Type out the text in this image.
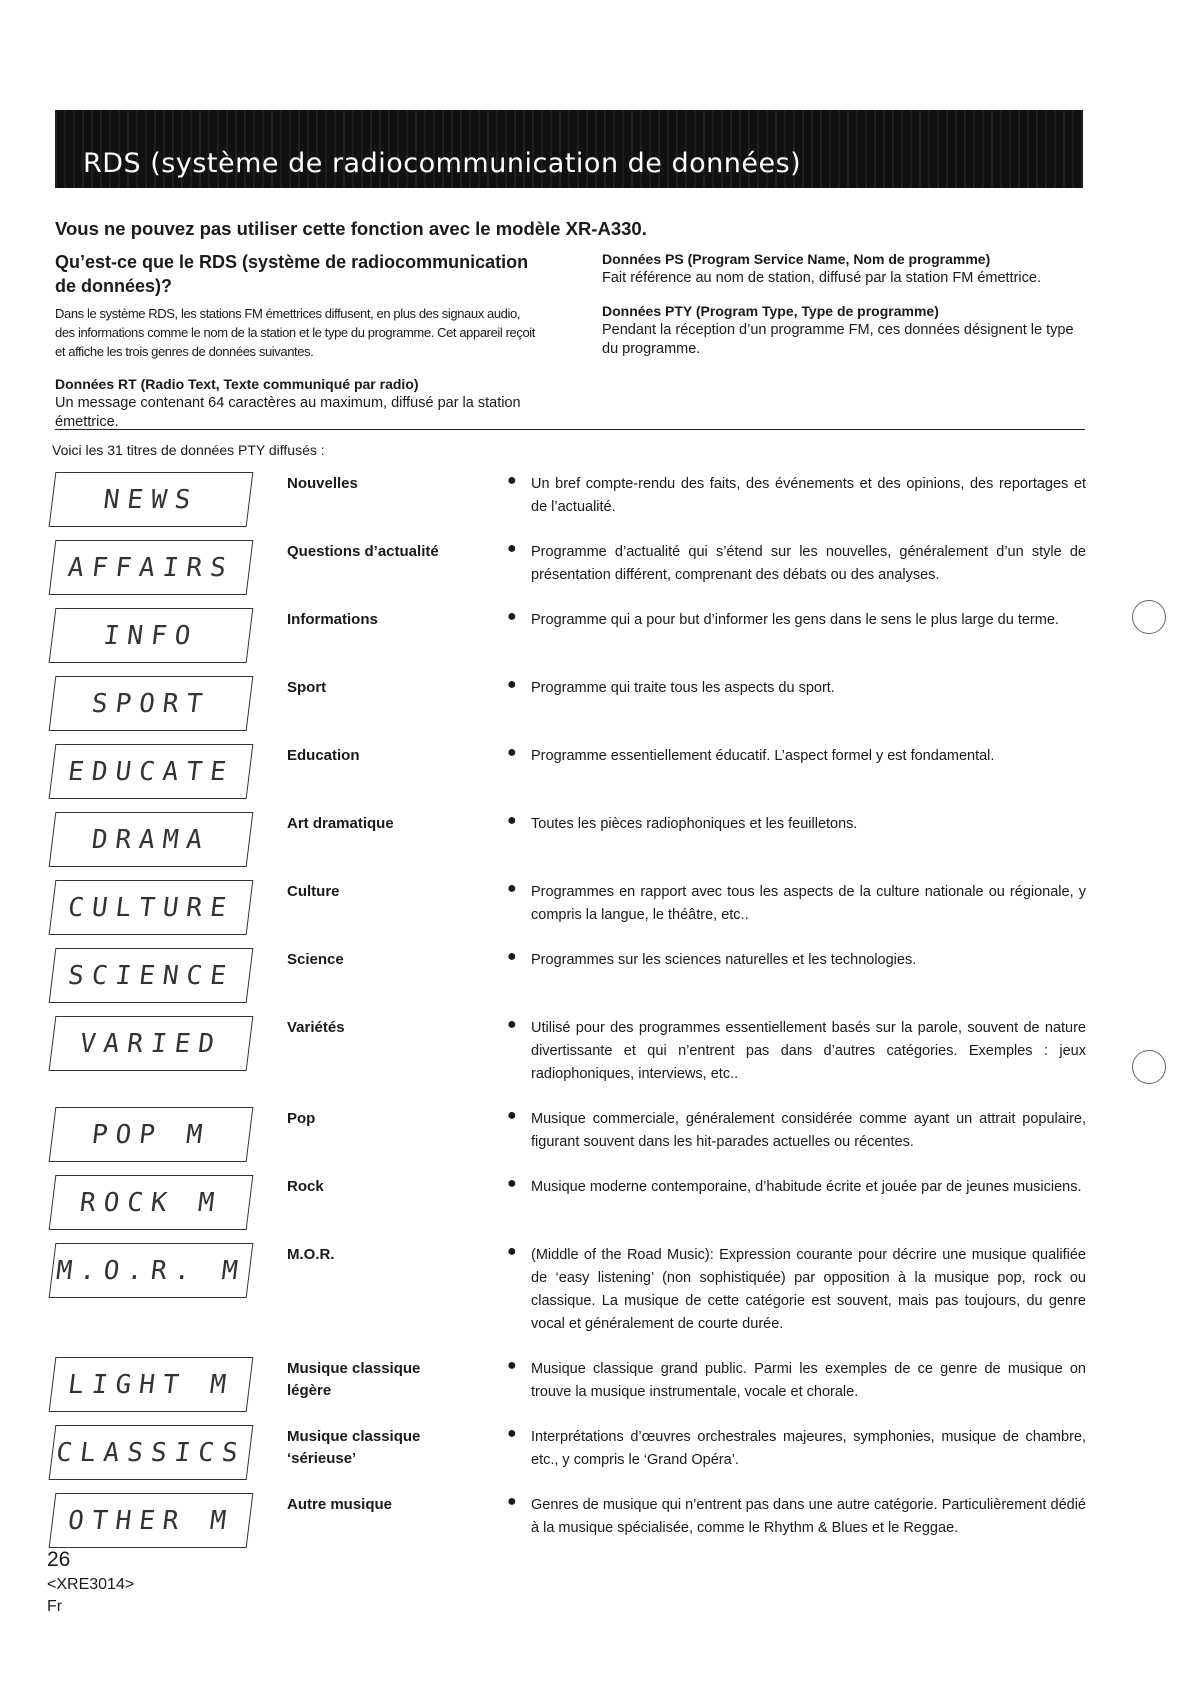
RDS (système de radiocommunication de données)
Vous ne pouvez pas utiliser cette fonction avec le modèle XR-A330.
Qu’est-ce que le RDS (système de radiocommunication de données)?
Dans le système RDS, les stations FM émettrices diffusent, en plus des signaux audio, des informations comme le nom de la station et le type du programme. Cet appareil reçoit et affiche les trois genres de données suivantes.
Données RT (Radio Text, Texte communiqué par radio)
Un message contenant 64 caractères au maximum, diffusé par la station émettrice.
Données PS (Program Service Name, Nom de programme)
Fait référence au nom de station, diffusé par la station FM émettrice.
Données PTY (Program Type, Type de programme)
Pendant la réception d’un programme FM, ces données désignent le type du programme.
Voici les 31 titres de données PTY diffusés :
NEWS
Nouvelles	● Un bref compte-rendu des faits, des événements et des opinions, des reportages et de l’actualité.
AFFAIRS
Questions d’actualité	● Programme d’actualité qui s’étend sur les nouvelles, généralement d’un style de présentation différent, comprenant des débats ou des analyses.
INFO
Informations	● Programme qui a pour but d’informer les gens dans le sens le plus large du terme.
SPORT
Sport	● Programme qui traite tous les aspects du sport.
EDUCATE
Education	● Programme essentiellement éducatif. L’aspect formel y est fondamental.
DRAMA
Art dramatique	● Toutes les pièces radiophoniques et les feuilletons.
CULTURE
Culture	● Programmes en rapport avec tous les aspects de la culture nationale ou régionale, y compris la langue, le théâtre, etc..
SCIENCE
Science	● Programmes sur les sciences naturelles et les technologies.
VARIED
Variétés	● Utilisé pour des programmes essentiellement basés sur la parole, souvent de nature divertissante et qui n’entrent pas dans d’autres catégories. Exemples : jeux radiophoniques, interviews, etc..
POP M
Pop	● Musique commerciale, généralement considérée comme ayant un attrait populaire, figurant souvent dans les hit-parades actuelles ou récentes.
ROCK M
Rock	● Musique moderne contemporaine, d’habitude écrite et jouée par de jeunes musiciens.
M.O.R. M
M.O.R.	● (Middle of the Road Music): Expression courante pour décrire une musique qualifiée de ‘easy listening’ (non sophistiquée) par opposition à la musique pop, rock ou classique. La musique de cette catégorie est souvent, mais pas toujours, du genre vocal et généralement de courte durée.
LIGHT M
Musique classique légère
● Musique classique grand public. Parmi les exemples de ce genre de musique on trouve la musique instrumentale, vocale et chorale.
CLASSICS
Musique classique ‘sérieuse’
● Interprétations d’œuvres orchestrales majeures, symphonies, musique de chambre, etc., y compris le ‘Grand Opéra’.
OTHER M
Autre musique	● Genres de musique qui n’entrent pas dans une autre catégorie. Particulièrement dédié à la musique spécialisée, comme le Rhythm & Blues et le Reggae.
26
<XRE3014>
Fr
